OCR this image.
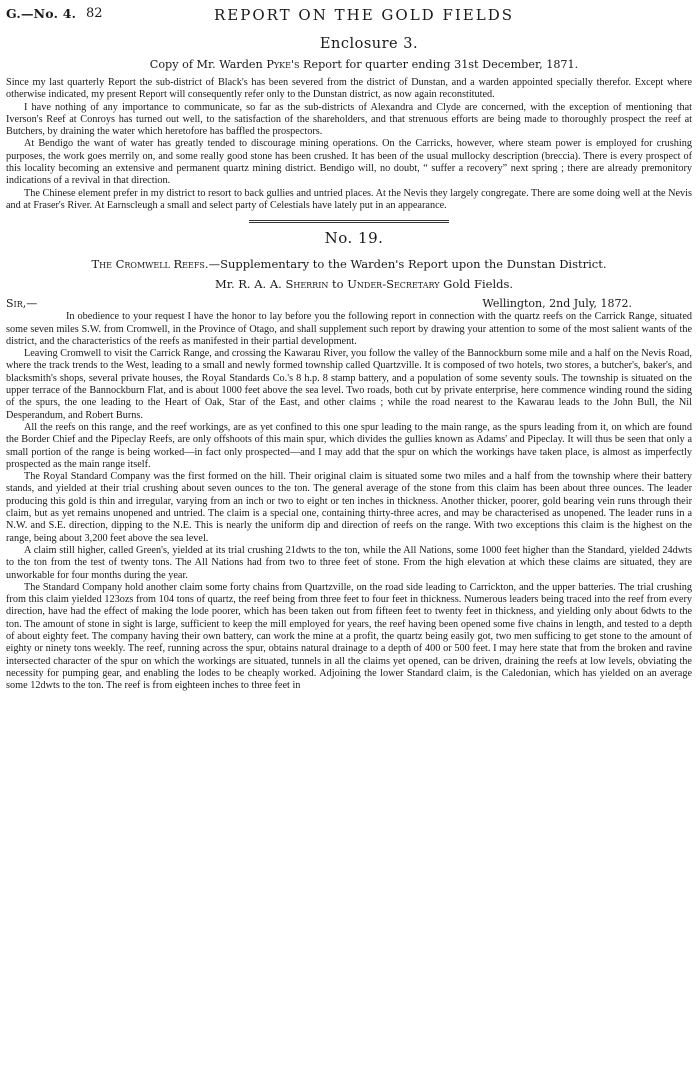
G.—No. 4. 82	REPORT ON THE GOLD FIELDS
Enclosure 3.
Copy of Mr. Warden Pyke's Report for quarter ending 31st December, 1871.

Since my last quarterly Report the sub-district of Black's has been severed from the district of Dunstan, and a warden appointed specially therefor. Except where otherwise indicated, my present Report will consequently refer only to the Dunstan district, as now again reconstituted.

I have nothing of any importance to communicate, so far as the sub-districts of Alexandra and Clyde are concerned, with the exception of mentioning that Iverson's Reef at Conroys has turned out well, to the satisfaction of the shareholders, and that strenuous efforts are being made to thoroughly prospect the reef at Butchers, by draining the water which heretofore has baffled the prospectors.

At Bendigo the want of water has greatly tended to discourage mining operations. On the Carricks, however, where steam power is employed for crushing purposes, the work goes merrily on, and some really good stone has been crushed. It has been of the usual mullocky description (breccia). There is every prospect of this locality becoming an extensive and permanent quartz mining district. Bendigo will, no doubt, “ suffer a recovery” next spring ; there are already premonitory indications of a revival in that direction.

The Chinese element prefer in my district to resort to back gullies and untried places. At the Nevis they largely congregate. There are some doing well at the Nevis and at Fraser's River. At Earnscleugh a small and select party of Celestials have lately put in an appearance.

No. 19.
The Cromwell Reefs.—Supplementary to the Warden's Report upon the Dunstan District.
Mr. R. A. A. Sherrin to Under-Secretary Gold Fields.
Sir,—	Wellington, 2nd July, 1872.

In obedience to your request I have the honor to lay before you the following report in connection with the quartz reefs on the Carrick Range, situated some seven miles S.W. from Cromwell, in the Province of Otago, and shall supplement such report by drawing your attention to some of the most salient wants of the district, and the characteristics of the reefs as manifested in their partial development.

Leaving Cromwell to visit the Carrick Range, and crossing the Kawarau River, you follow the valley of the Bannockburn some mile and a half on the Nevis Road, where the track trends to the West, leading to a small and newly formed township called Quartzville. It is composed of two hotels, two stores, a butcher's, baker's, and blacksmith's shops, several private houses, the Royal Standards Co.'s 8 h.p. 8 stamp battery, and a population of some seventy souls. The township is situated on the upper terrace of the Bannockburn Flat, and is about 1000 feet above the sea level. Two roads, both cut by private enterprise, here commence winding round the siding of the spurs, the one leading to the Heart of Oak, Star of the East, and other claims ; while the road nearest to the Kawarau leads to the John Bull, the Nil Desperandum, and Robert Burns.

All the reefs on this range, and the reef workings, are as yet confined to this one spur leading to the main range, as the spurs leading from it, on which are found the Border Chief and the Pipeclay Reefs, are only offshoots of this main spur, which divides the gullies known as Adams' and Pipeclay. It will thus be seen that only a small portion of the range is being worked—in fact only prospected—and I may add that the spur on which the workings have taken place, is almost as imperfectly prospected as the main range itself.

The Royal Standard Company was the first formed on the hill. Their original claim is situated some two miles and a half from the township where their battery stands, and yielded at their trial crushing about seven ounces to the ton. The general average of the stone from this claim has been about three ounces. The leader producing this gold is thin and irregular, varying from an inch or two to eight or ten inches in thickness. Another thicker, poorer, gold bearing vein runs through their claim, but as yet remains unopened and untried. The claim is a special one, containing thirty-three acres, and may be characterised as unopened. The leader runs in a N.W. and S.E. direction, dipping to the N.E. This is nearly the uniform dip and direction of reefs on the range. With two exceptions this claim is the highest on the range, being about 3,200 feet above the sea level.

A claim still higher, called Green's, yielded at its trial crushing 21dwts to the ton, while the All Nations, some 1000 feet higher than the Standard, yielded 24dwts to the ton from the test of twenty tons. The All Nations had from two to three feet of stone. From the high elevation at which these claims are situated, they are unworkable for four months during the year.

The Standard Company hold another claim some forty chains from Quartzville, on the road side leading to Carrickton, and the upper batteries. The trial crushing from this claim yielded 123ozs from 104 tons of quartz, the reef being from three feet to four feet in thickness. Numerous leaders being traced into the reef from every direction, have had the effect of making the lode poorer, which has been taken out from fifteen feet to twenty feet in thickness, and yielding only about 6dwts to the ton. The amount of stone in sight is large, sufficient to keep the mill employed for years, the reef having been opened some five chains in length, and tested to a depth of about eighty feet. The company having their own battery, can work the mine at a profit, the quartz being easily got, two men sufficing to get stone to the amount of eighty or ninety tons weekly. The reef, running across the spur, obtains natural drainage to a depth of 400 or 500 feet. I may here state that from the broken and ravine intersected character of the spur on which the workings are situated, tunnels in all the claims yet opened, can be driven, draining the reefs at low levels, obviating the necessity for pumping gear, and enabling the lodes to be cheaply worked. Adjoining the lower Standard claim, is the Caledonian, which has yielded on an average some 12dwts to the ton. The reef is from eighteen inches to three feet in
